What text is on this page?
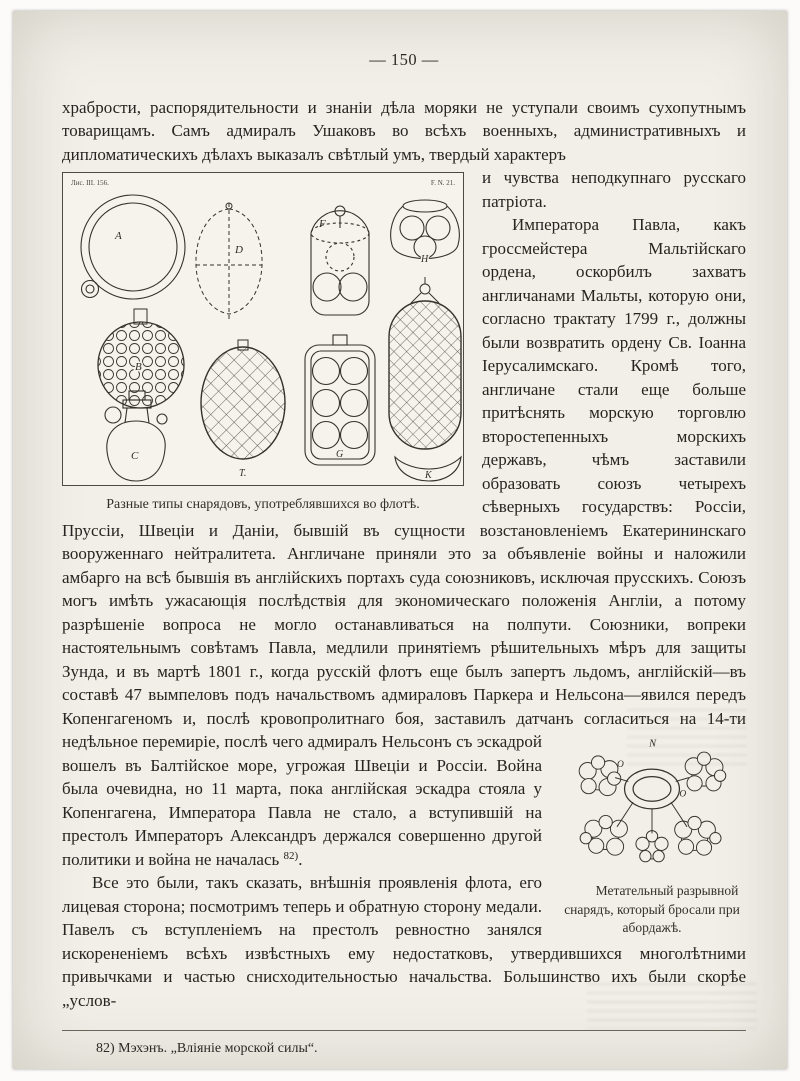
— 150 —

храбрости, распорядительности и знаніи дѣла моряки не уступали своимъ сухопутнымъ товарищамъ. Самъ адмиралъ Ушаковъ во всѣхъ военныхъ, административныхъ и дипломатическихъ дѣлахъ выказалъ свѣтлый умъ, твердый характеръ

Лис. III. 156.	F. N. 21.
A
D
F
H
B
T.
G
C
K
Разные типы снарядовъ, употреблявшихся во флотѣ.

и чувства неподкупнаго русскаго патріота.

Императора Павла, какъ гроссмейстера Мальтійскаго ордена, оскорбилъ захватъ англичанами Мальты, которую они, согласно трактату 1799 г., должны были возвратить ордену Св. Іоанна Іерусалимскаго. Кромѣ того, англичане стали еще больше притѣснять морскую торговлю второстепенныхъ морскихъ державъ, чѣмъ заставили образовать союзъ четырехъ сѣверныхъ государствъ: Россіи, Пруссіи, Швеціи и Даніи, бывшій въ сущности возстановленіемъ Екатерининскаго вооруженнаго нейтралитета. Англичане приняли это за объявленіе войны и наложили амбарго на всѣ бывшія въ англійскихъ портахъ суда союзниковъ, исключая прусскихъ. Союзъ могъ имѣть ужасающія послѣдствія для экономическаго положенія Англіи, а потому разрѣшеніе вопроса не могло останавливаться на полпути. Союзники, вопреки настоятельнымъ совѣтамъ Павла, медлили принятіемъ рѣшительныхъ мѣръ для защиты Зунда, и въ мартѣ 1801 г., когда русскій флотъ еще былъ запертъ льдомъ, англійскій—въ составѣ 47 вымпеловъ подъ начальствомъ адмираловъ Паркера и Нельсона—явился передъ Копенгагеномъ и, послѣ кровопролитнаго боя, заставилъ датчанъ согласиться на 14-ти недѣльное перемиріе,	N
O
O
Метательный разрывной снарядъ, который бросали при абордажѣ.
послѣ чего адмиралъ Нельсонъ съ эскадрой вошелъ въ Балтійское море, угрожая Швеціи и Россіи. Война была очевидна, но 11 марта, пока англійская эскадра стояла у Копенгагена, Императора Павла не стало, а вступившій на престолъ Императоръ Александръ держался совершенно другой политики и война не началась $^{82)}$.

Все это были, такъ сказать, внѣшнія проявленія флота, его лицевая сторона; посмотримъ теперь и обратную сторону медали. Павелъ съ вступленіемъ на престолъ ревностно занялся искорененіемъ всѣхъ извѣстныхъ ему недостатковъ, утвердившихся многолѣтними привычками и частью снисходительностью начальства. Большинство ихъ были скорѣе „услов-

82) Мэхэнъ. „Вліяніе морской силы“.
